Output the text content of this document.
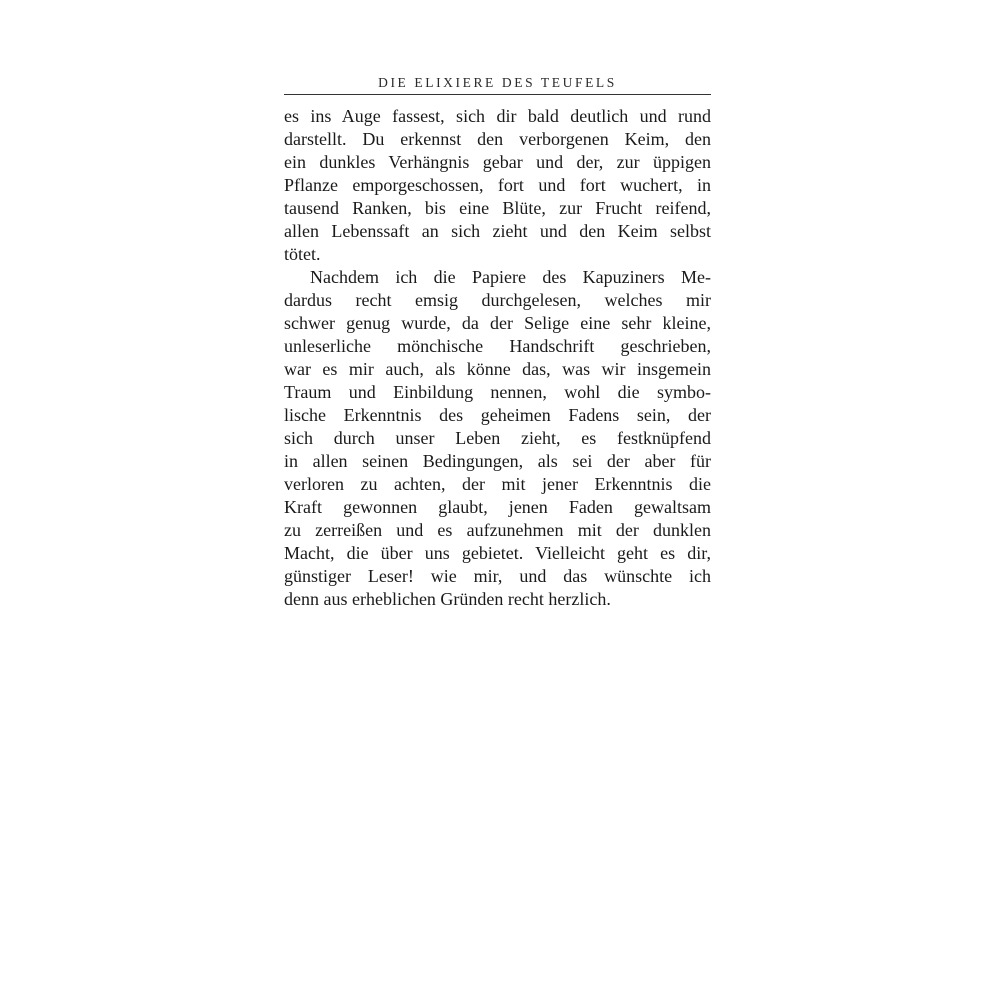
DIE ELIXIERE DES TEUFELS
es ins Auge fassest, sich dir bald deutlich und rund
darstellt. Du erkennst den verborgenen Keim, den
ein dunkles Verhängnis gebar und der, zur üppigen
Pflanze emporgeschossen, fort und fort wuchert, in
tausend Ranken, bis eine Blüte, zur Frucht reifend,
allen Lebenssaft an sich zieht und den Keim selbst
tötet.
Nachdem ich die Papiere des Kapuziners Me-
dardus recht emsig durchgelesen, welches mir
schwer genug wurde, da der Selige eine sehr kleine,
unleserliche mönchische Handschrift geschrieben,
war es mir auch, als könne das, was wir insgemein
Traum und Einbildung nennen, wohl die symbo-
lische Erkenntnis des geheimen Fadens sein, der
sich durch unser Leben zieht, es festknüpfend
in allen seinen Bedingungen, als sei der aber für
verloren zu achten, der mit jener Erkenntnis die
Kraft gewonnen glaubt, jenen Faden gewaltsam
zu zerreißen und es aufzunehmen mit der dunklen
Macht, die über uns gebietet. Vielleicht geht es dir,
günstiger Leser! wie mir, und das wünschte ich
denn aus erheblichen Gründen recht herzlich.
